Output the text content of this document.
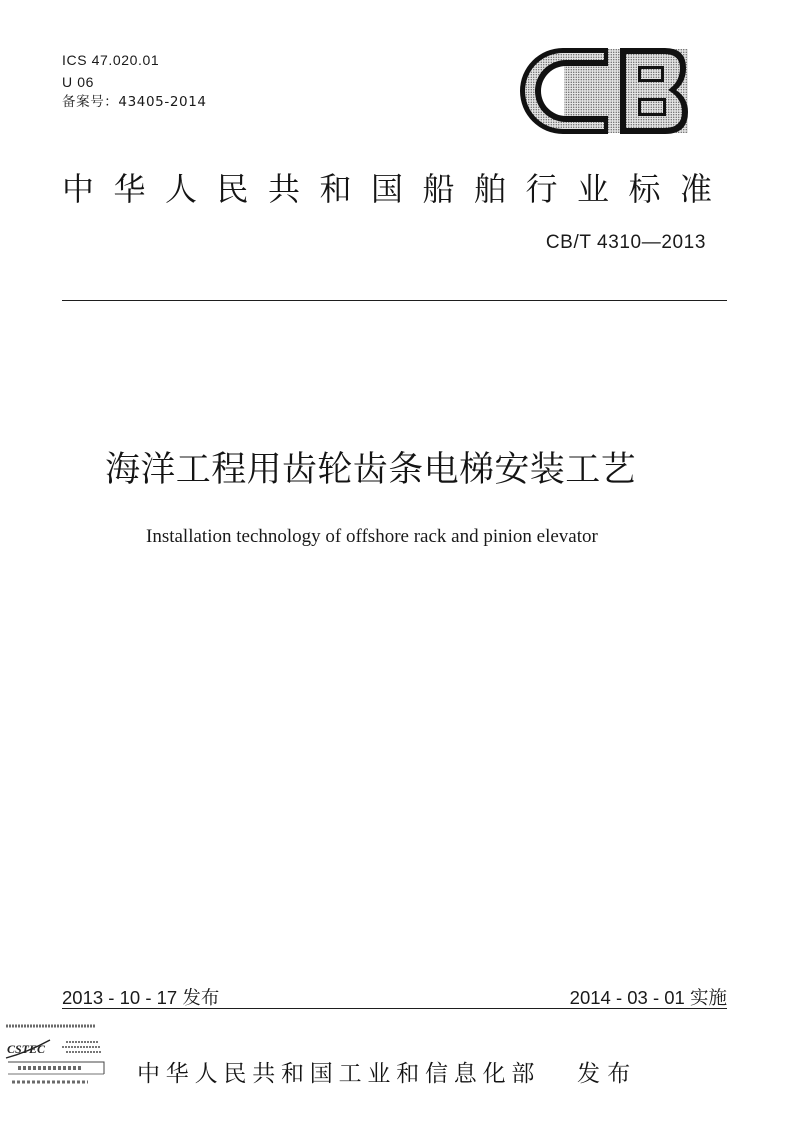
ICS 47.020.01
U 06
备案号：43405-2014
中华人民共和国船舶行业标准
CB/T 4310—2013
海洋工程用齿轮齿条电梯安装工艺
Installation technology of offshore rack and pinion elevator
2013 - 10 - 17 发布	2014 - 03 - 01 实施
CSTEC
中华人民共和国工业和信息化部 发 布
